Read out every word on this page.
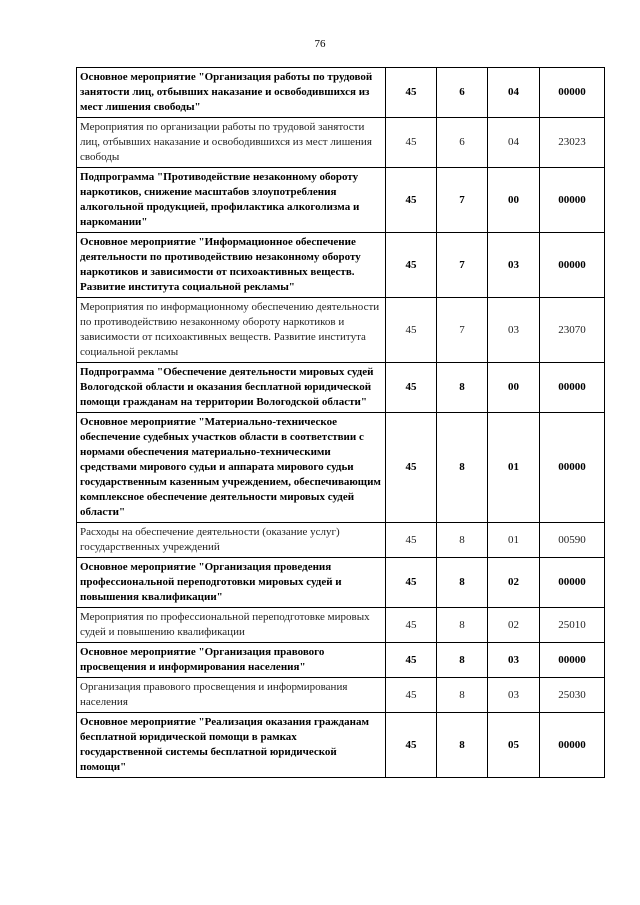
76
Основное мероприятие "Организация работы по трудовой занятости лиц, отбывших наказание и освободившихся из мест лишения свободы"	45	6	04	00000
Мероприятия по организации работы по трудовой занятости лиц, отбывших наказание и освободившихся из мест лишения свободы	45	6	04	23023
Подпрограмма "Противодействие незаконному обороту наркотиков, снижение масштабов злоупотребления алкогольной продукцией, профилактика алкоголизма и наркомании"	45	7	00	00000
Основное мероприятие "Информационное обеспечение деятельности по противодействию незаконному обороту наркотиков и зависимости от психоактивных веществ. Развитие института социальной рекламы"	45	7	03	00000
Мероприятия по информационному обеспечению деятельности по противодействию незаконному обороту наркотиков и зависимости от психоактивных веществ. Развитие института социальной рекламы	45	7	03	23070
Подпрограмма "Обеспечение деятельности мировых судей Вологодской области и оказания бесплатной юридической помощи гражданам на территории Вологодской области"	45	8	00	00000
Основное мероприятие "Материально-техническое обеспечение судебных участков области в соответствии с нормами обеспечения материально-техническими средствами мирового судьи и аппарата мирового судьи государственным казенным учреждением, обеспечивающим комплексное обеспечение деятельности мировых судей области"	45	8	01	00000
Расходы на обеспечение деятельности (оказание услуг) государственных учреждений	45	8	01	00590
Основное мероприятие "Организация проведения профессиональной переподготовки мировых судей и повышения квалификации"	45	8	02	00000
Мероприятия по профессиональной переподготовке мировых судей и повышению квалификации	45	8	02	25010
Основное мероприятие "Организация правового просвещения и информирования населения"	45	8	03	00000
Организация правового просвещения и информирования населения	45	8	03	25030
Основное мероприятие "Реализация оказания гражданам бесплатной юридической помощи в рамках государственной системы бесплатной юридической помощи"	45	8	05	00000
